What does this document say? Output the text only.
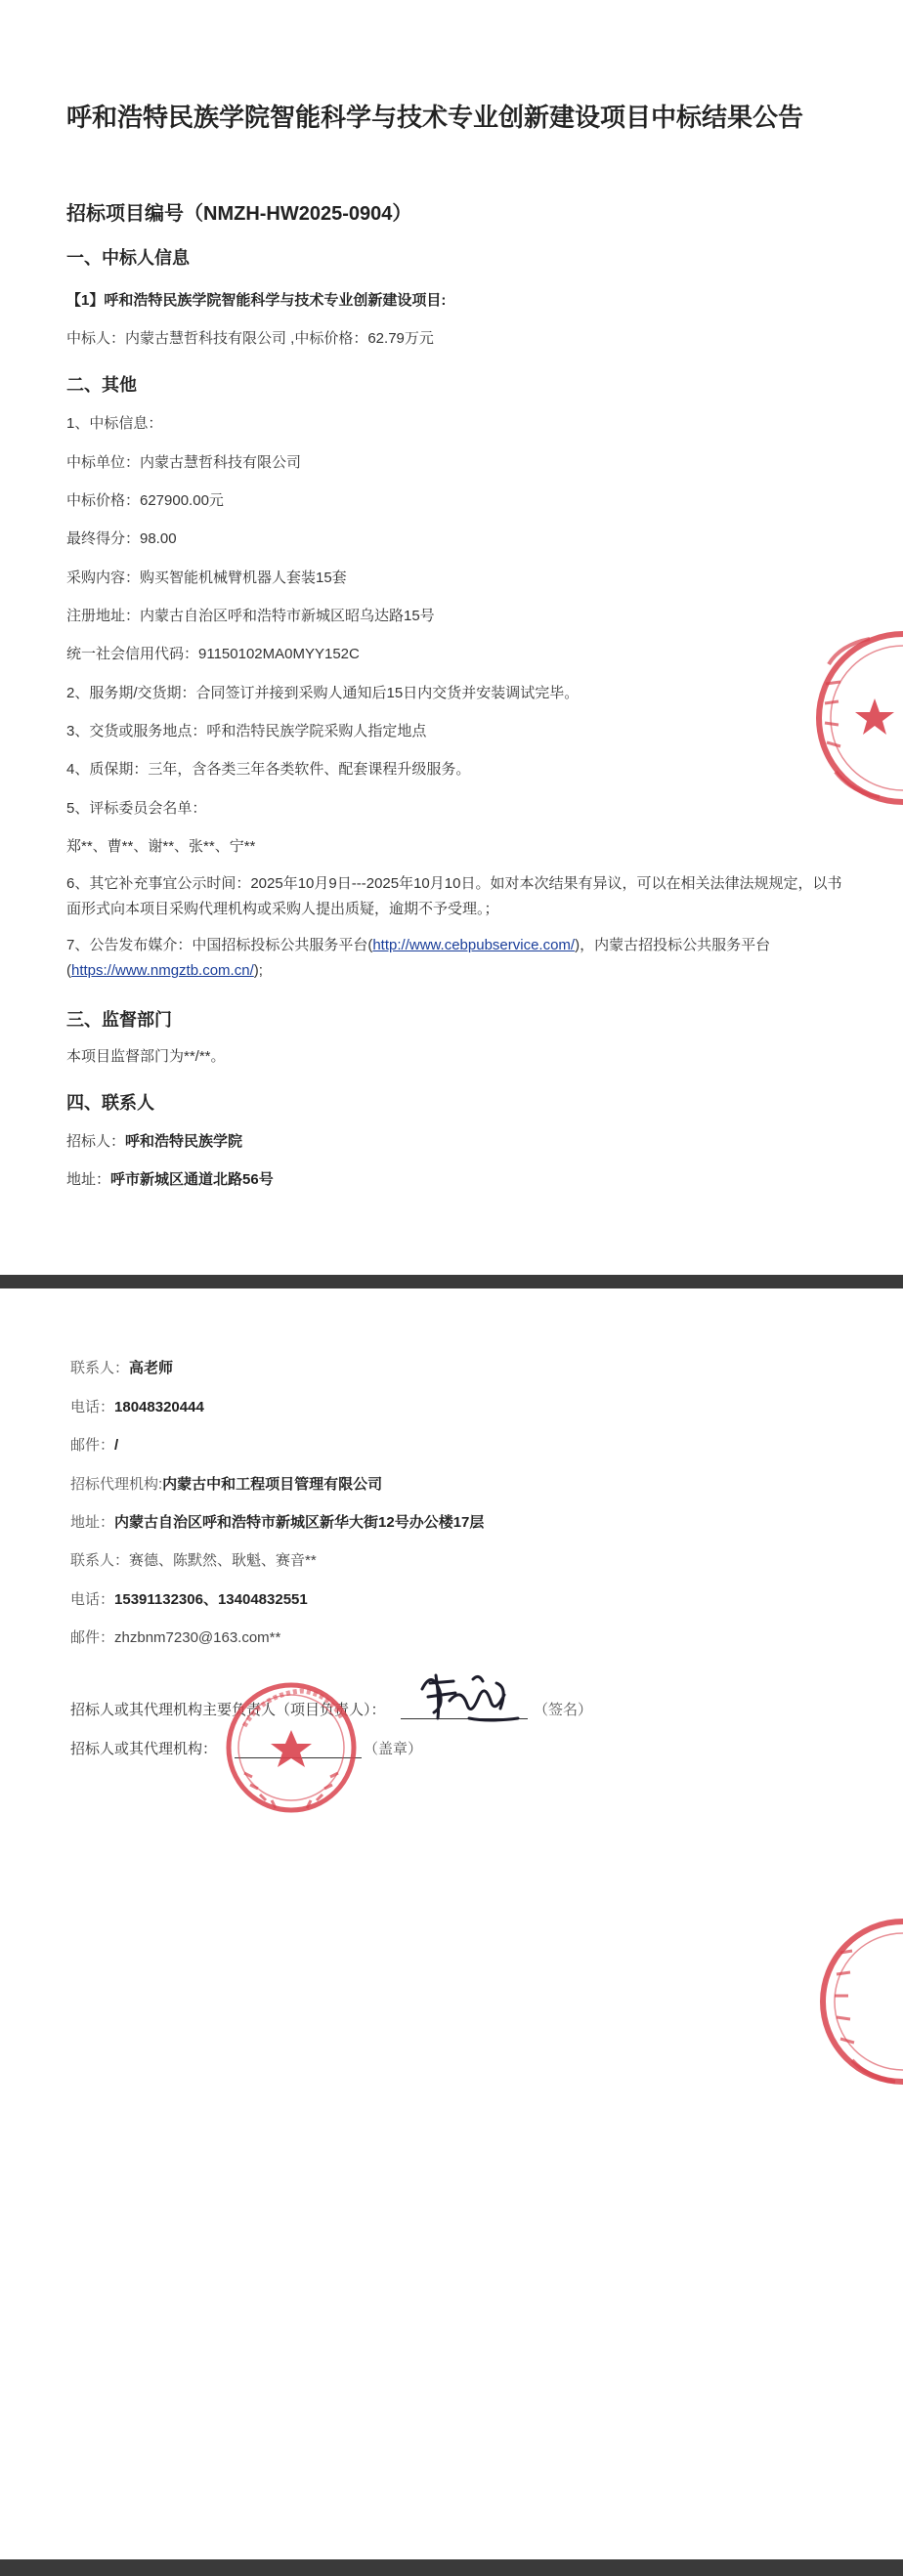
呼和浩特民族学院智能科学与技术专业创新建设项目中标结果公告
招标项目编号（NMZH-HW2025-0904）
一、中标人信息
【1】呼和浩特民族学院智能科学与技术专业创新建设项目:
中标人：内蒙古慧哲科技有限公司 ,中标价格：62.79万元
二、其他
1、中标信息：
中标单位：内蒙古慧哲科技有限公司
中标价格：627900.00元
最终得分：98.00
采购内容：购买智能机械臂机器人套装15套
注册地址：内蒙古自治区呼和浩特市新城区昭乌达路15号
统一社会信用代码：91150102MA0MYY152C
2、服务期/交货期：合同签订并接到采购人通知后15日内交货并安装调试完毕。
3、交货或服务地点：呼和浩特民族学院采购人指定地点
4、质保期：三年，含各类三年各类软件、配套课程升级服务。
5、评标委员会名单：
郑**、曹**、谢**、张**、宁**
6、其它补充事宜公示时间：2025年10月9日---2025年10月10日。如对本次结果有异议，可以在相关法律法规规定，以书面形式向本项目采购代理机构或采购人提出质疑，逾期不予受理。；
7、公告发布媒介：中国招标投标公共服务平台(http://www.cebpubservice.com/)，内蒙古招投标公共服务平台(https://www.nmgztb.com.cn/);
三、监督部门
本项目监督部门为**/**。
四、联系人
招标人：呼和浩特民族学院
地址：呼市新城区通道北路56号
联系人：高老师
电话：18048320444
邮件：/
招标代理机构:内蒙古中和工程项目管理有限公司
地址：内蒙古自治区呼和浩特市新城区新华大街12号办公楼17层
联系人：赛德、陈默然、耿魁、赛音**
电话：15391132306、13404832551
邮件：zhzbnm7230@163.com**
招标人或其代理机构主要负责人（项目负责人）：	（签名）
招标人或其代理机构：	（盖章）
